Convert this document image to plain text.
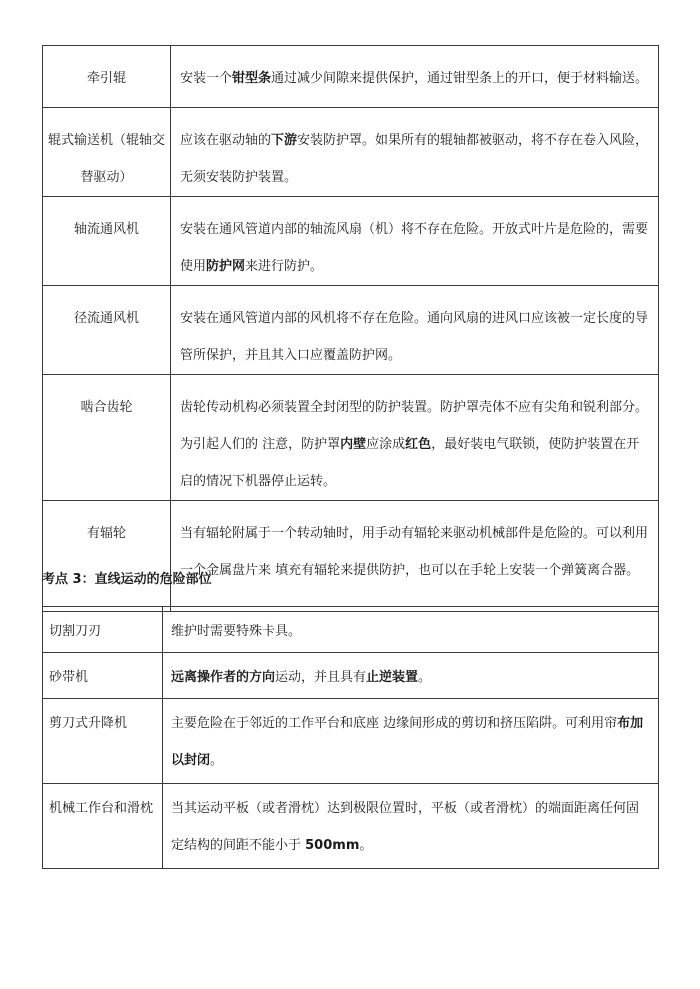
牵引辊	安装一个钳型条通过减少间隙来提供保护，通过钳型条上的开口，便于材料输送。
辊式输送机（辊轴交替驱动）	应该在驱动轴的下游安装防护罩。如果所有的辊轴都被驱动，将不存在卷入风险，无须安装防护装置。
轴流通风机	安装在通风管道内部的轴流风扇（机）将不存在危险。开放式叶片是危险的，需要使用防护网来进行防护。
径流通风机	安装在通风管道内部的风机将不存在危险。通向风扇的进风口应该被一定长度的导管所保护，并且其入口应覆盖防护网。
啮合齿轮	齿轮传动机构必须装置全封闭型的防护装置。防护罩壳体不应有尖角和锐利部分。为引起人们的 注意，防护罩内壁应涂成红色，最好装电气联锁，使防护装置在开启的情况下机器停止运转。
有辐轮	当有辐轮附属于一个转动轴时，用手动有辐轮来驱动机械部件是危险的。可以利用一个金属盘片来 填充有辐轮来提供防护，也可以在手轮上安装一个弹簧离合器。
考点 3：直线运动的危险部位
切割刀刃	维护时需要特殊卡具。
砂带机	远离操作者的方向运动，并且具有止逆装置。
剪刀式升降机	主要危险在于邻近的工作平台和底座 边缘间形成的剪切和挤压陷阱。可利用帘布加以封闭。
机械工作台和滑枕	当其运动平板（或者滑枕）达到极限位置时，平板（或者滑枕）的端面距离任何固定结构的间距不能小于 500mm。
